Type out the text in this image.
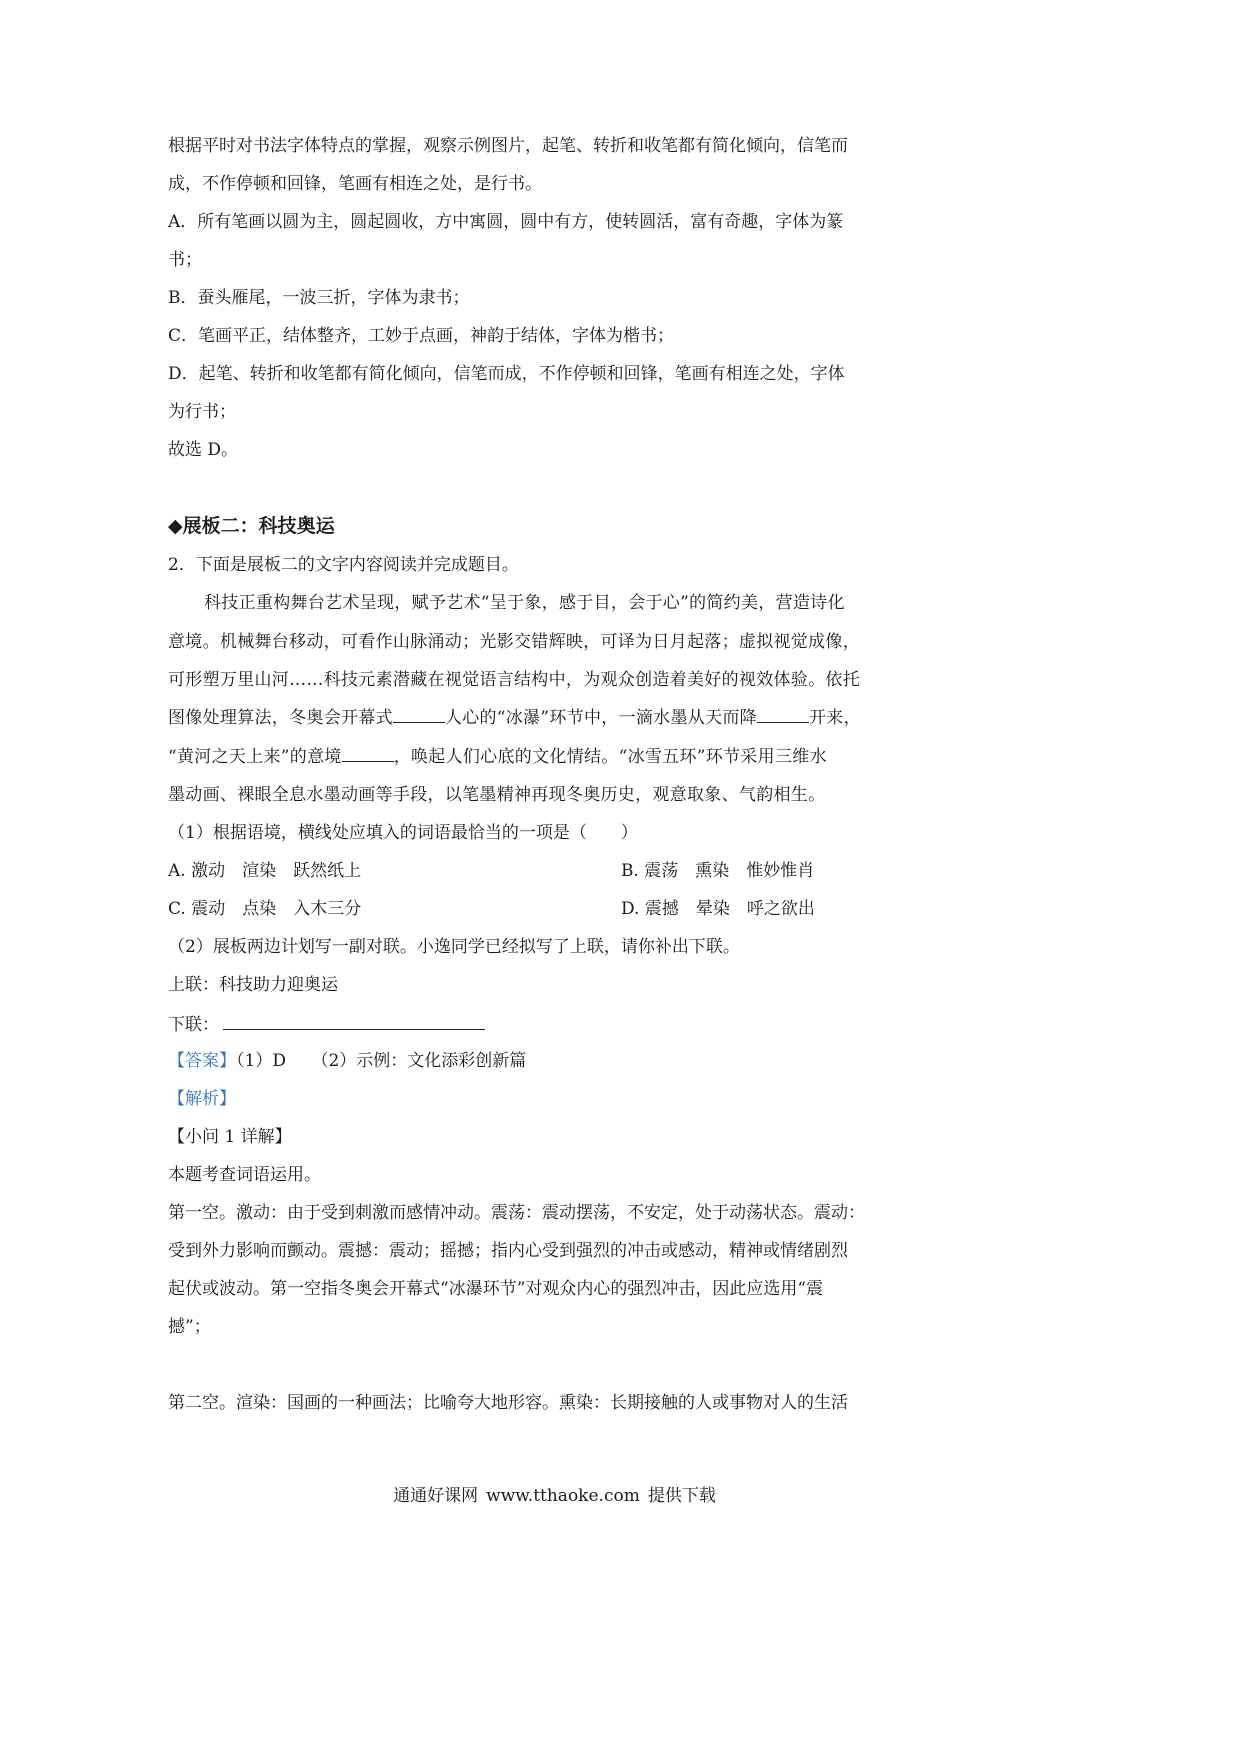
根据平时对书法字体特点的掌握，观察示例图片，起笔、转折和收笔都有简化倾向，信笔而
成，不作停顿和回锋，笔画有相连之处，是行书。
A．所有笔画以圆为主，圆起圆收，方中寓圆，圆中有方，使转圆活，富有奇趣，字体为篆
书；
B．蚕头雁尾，一波三折，字体为隶书；
C．笔画平正，结体整齐，工妙于点画，神韵于结体，字体为楷书；
D．起笔、转折和收笔都有简化倾向，信笔而成，不作停顿和回锋，笔画有相连之处，字体
为行书；
故选 D。
◆展板二：科技奥运
2．下面是展板二的文字内容阅读并完成题目。
科技正重构舞台艺术呈现，赋予艺术“呈于象，感于目，会于心”的简约美，营造诗化
意境。机械舞台移动，可看作山脉涌动；光影交错辉映，可译为日月起落；虚拟视觉成像，
可形塑万里山河……科技元素潜藏在视觉语言结构中，为观众创造着美好的视效体验。依托
图像处理算法，冬奥会开幕式	人心的“冰瀑”环节中，一滴水墨从天而降	开来，
“黄河之天上来”的意境	，唤起人们心底的文化情结。“冰雪五环”环节采用三维水
墨动画、裸眼全息水墨动画等手段，以笔墨精神再现冬奥历史，观意取象、气韵相生。
（1）根据语境，横线处应填入的词语最恰当的一项是（　　）
A. 激动　渲染　跃然纸上	B. 震荡　熏染　惟妙惟肖
C. 震动　点染　入木三分	D. 震撼　晕染　呼之欲出
（2）展板两边计划写一副对联。小逸同学已经拟写了上联，请你补出下联。
上联：科技助力迎奥运
下联：
【答案】（1）D　　（2）示例：文化添彩创新篇
【解析】
【小问 1 详解】
本题考查词语运用。
第一空。激动：由于受到刺激而感情冲动。震荡：震动摆荡，不安定，处于动荡状态。震动：
受到外力影响而颤动。震撼：震动；摇撼；指内心受到强烈的冲击或感动，精神或情绪剧烈
起伏或波动。第一空指冬奥会开幕式“冰瀑环节”对观众内心的强烈冲击，因此应选用“震
撼”；
第二空。渲染：国画的一种画法；比喻夸大地形容。熏染：长期接触的人或事物对人的生活
通通好课网 www.tthaoke.com 提供下载
